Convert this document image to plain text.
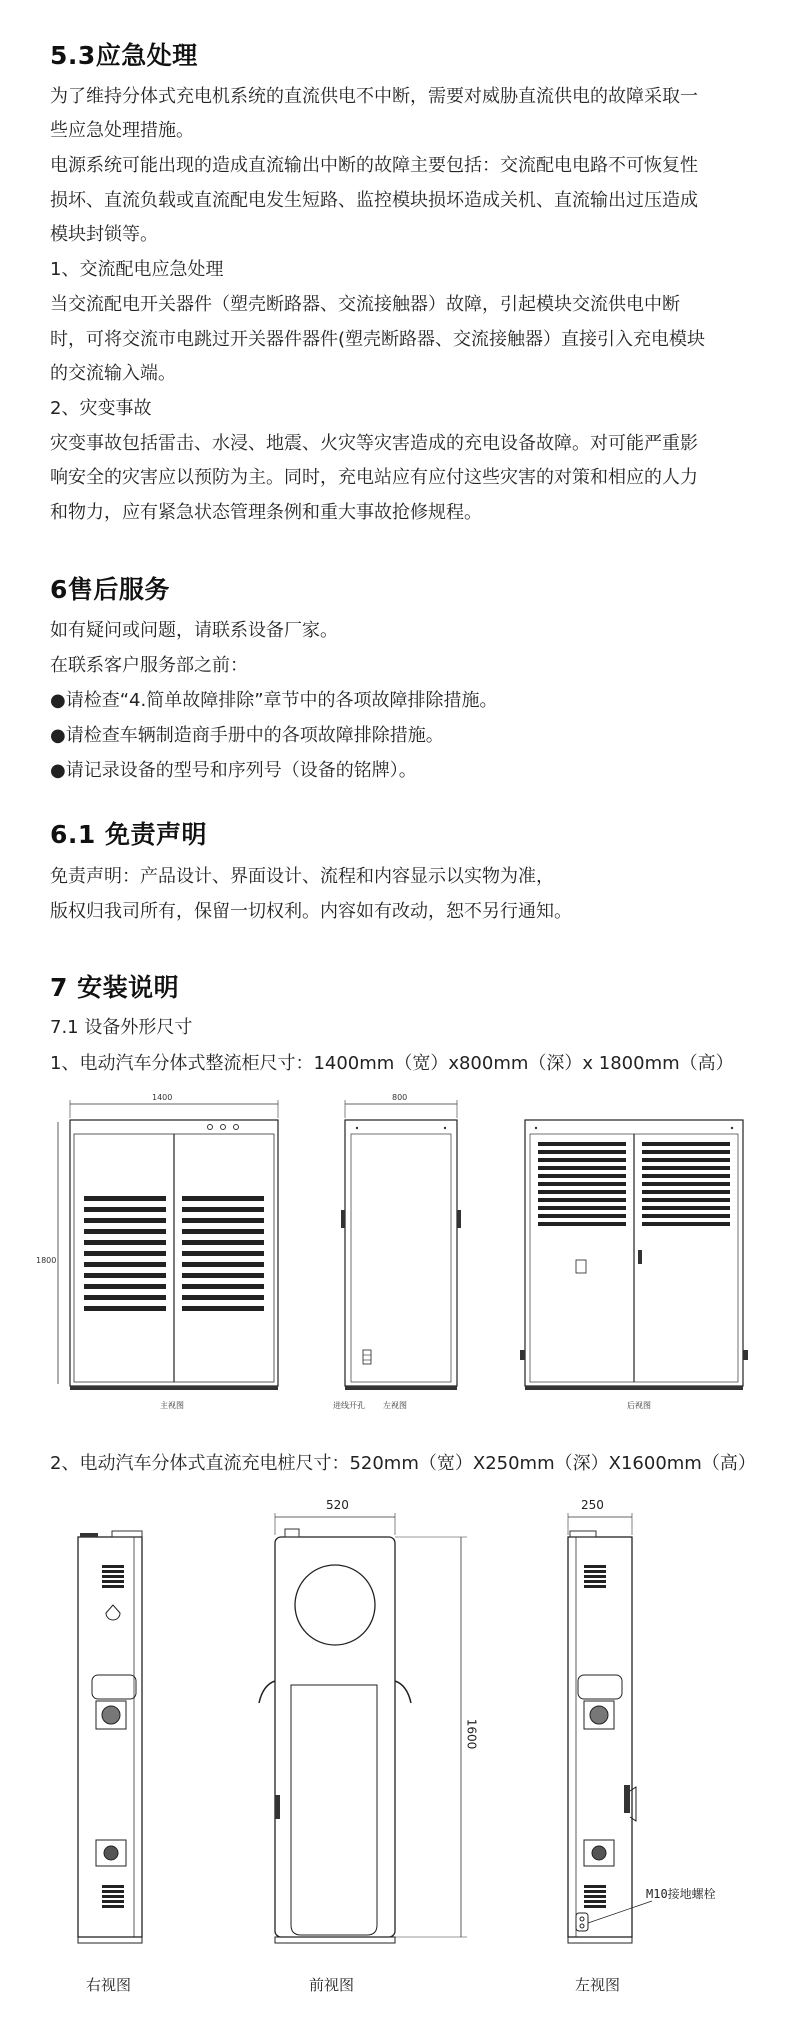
5.3应急处理
为了维持分体式充电机系统的直流供电不中断，需要对威胁直流供电的故障采取一
些应急处理措施。
电源系统可能出现的造成直流输出中断的故障主要包括：交流配电电路不可恢复性
损坏、直流负载或直流配电发生短路、监控模块损坏造成关机、直流输出过压造成
模块封锁等。
1、交流配电应急处理
当交流配电开关器件（塑壳断路器、交流接触器）故障，引起模块交流供电中断
时，可将交流市电跳过开关器件器件(塑壳断路器、交流接触器）直接引入充电模块
的交流输入端。
2、灾变事故
灾变事故包括雷击、水浸、地震、火灾等灾害造成的充电设备故障。对可能严重影
响安全的灾害应以预防为主。同时，充电站应有应付这些灾害的对策和相应的人力
和物力，应有紧急状态管理条例和重大事故抢修规程。
6售后服务
如有疑问或问题，请联系设备厂家。
在联系客户服务部之前：
●请检查“4.简单故障排除”章节中的各项故障排除措施。
●请检查车辆制造商手册中的各项故障排除措施。
●请记录设备的型号和序列号（设备的铭牌）。
6.1 免责声明
免责声明：产品设计、界面设计、流程和内容显示以实物为准，
版权归我司所有，保留一切权利。内容如有改动，恕不另行通知。
7 安装说明
7.1 设备外形尺寸
1、电动汽车分体式整流柜尺寸：1400mm（宽）x800mm（深）x 1800mm（高）
1400
1800
主视图
800
进线开孔 左视图	后视图
2、电动汽车分体式直流充电桩尺寸：520mm（宽）X250mm（深）X1600mm（高）
右视图
520
1600
前视图
250
M10接地螺栓
左视图
